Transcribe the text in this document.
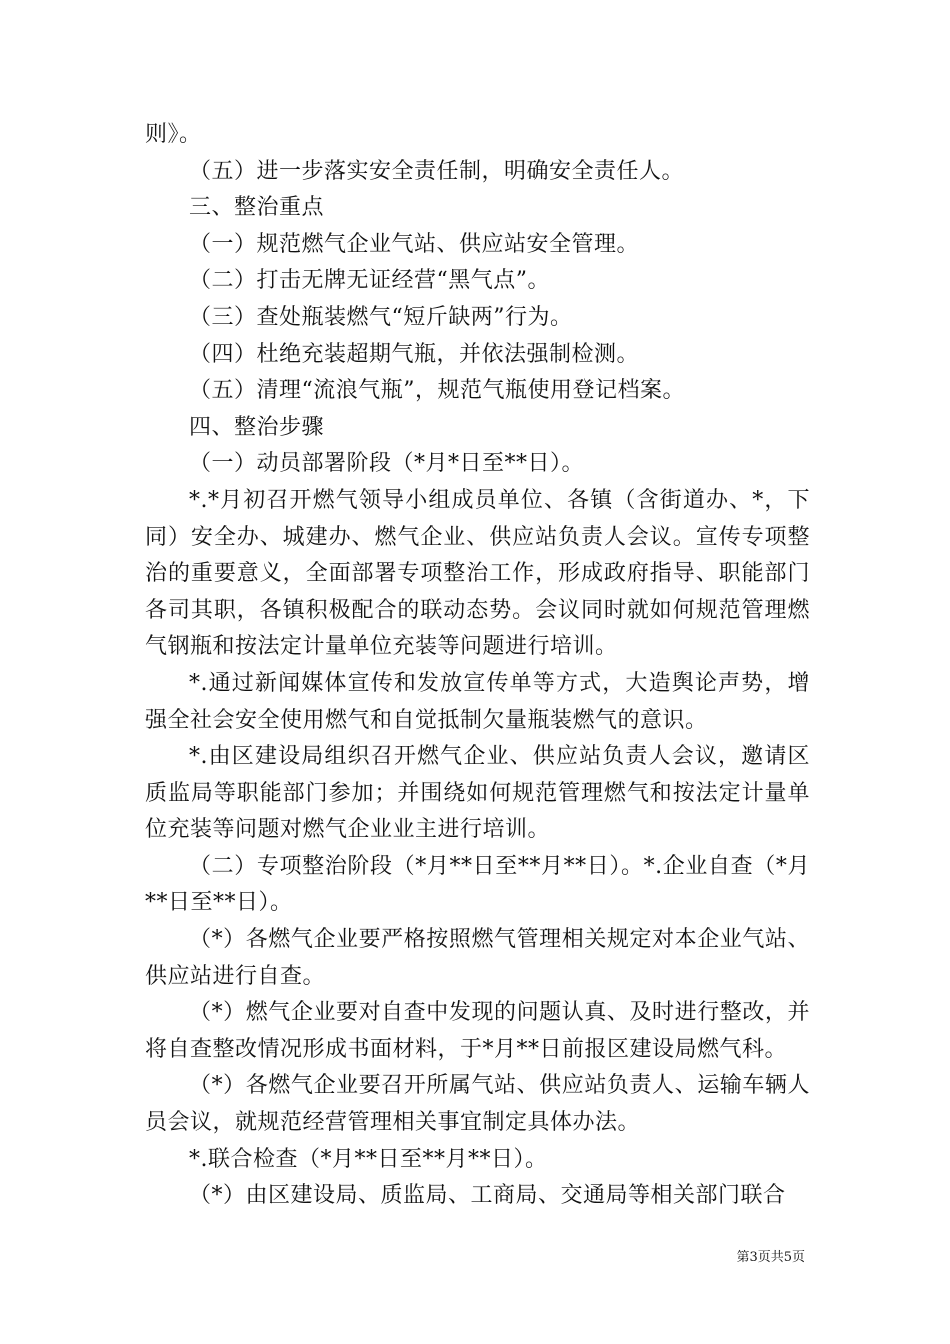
则》。

（五）进一步落实安全责任制，明确安全责任人。

三、整治重点

（一）规范燃气企业气站、供应站安全管理。

（二）打击无牌无证经营“黑气点”。

（三）查处瓶装燃气“短斤缺两”行为。

（四）杜绝充装超期气瓶，并依法强制检测。

（五）清理“流浪气瓶”，规范气瓶使用登记档案。

四、整治步骤

（一）动员部署阶段（*月*日至**日）。

*.*月初召开燃气领导小组成员单位、各镇（含街道办、*，下同）安全办、城建办、燃气企业、供应站负责人会议。宣传专项整治的重要意义，全面部署专项整治工作，形成政府指导、职能部门各司其职，各镇积极配合的联动态势。会议同时就如何规范管理燃气钢瓶和按法定计量单位充装等问题进行培训。

*.通过新闻媒体宣传和发放宣传单等方式，大造舆论声势，增强全社会安全使用燃气和自觉抵制欠量瓶装燃气的意识。

*.由区建设局组织召开燃气企业、供应站负责人会议，邀请区质监局等职能部门参加；并围绕如何规范管理燃气和按法定计量单位充装等问题对燃气企业业主进行培训。

（二）专项整治阶段（*月**日至**月**日）。*.企业自查（*月**日至**日）。

（*）各燃气企业要严格按照燃气管理相关规定对本企业气站、供应站进行自查。

（*）燃气企业要对自查中发现的问题认真、及时进行整改，并将自查整改情况形成书面材料，于*月**日前报区建设局燃气科。

（*）各燃气企业要召开所属气站、供应站负责人、运输车辆人员会议，就规范经营管理相关事宜制定具体办法。

*.联合检查（*月**日至**月**日）。

（*）由区建设局、质监局、工商局、交通局等相关部门联合

第3页共5页
